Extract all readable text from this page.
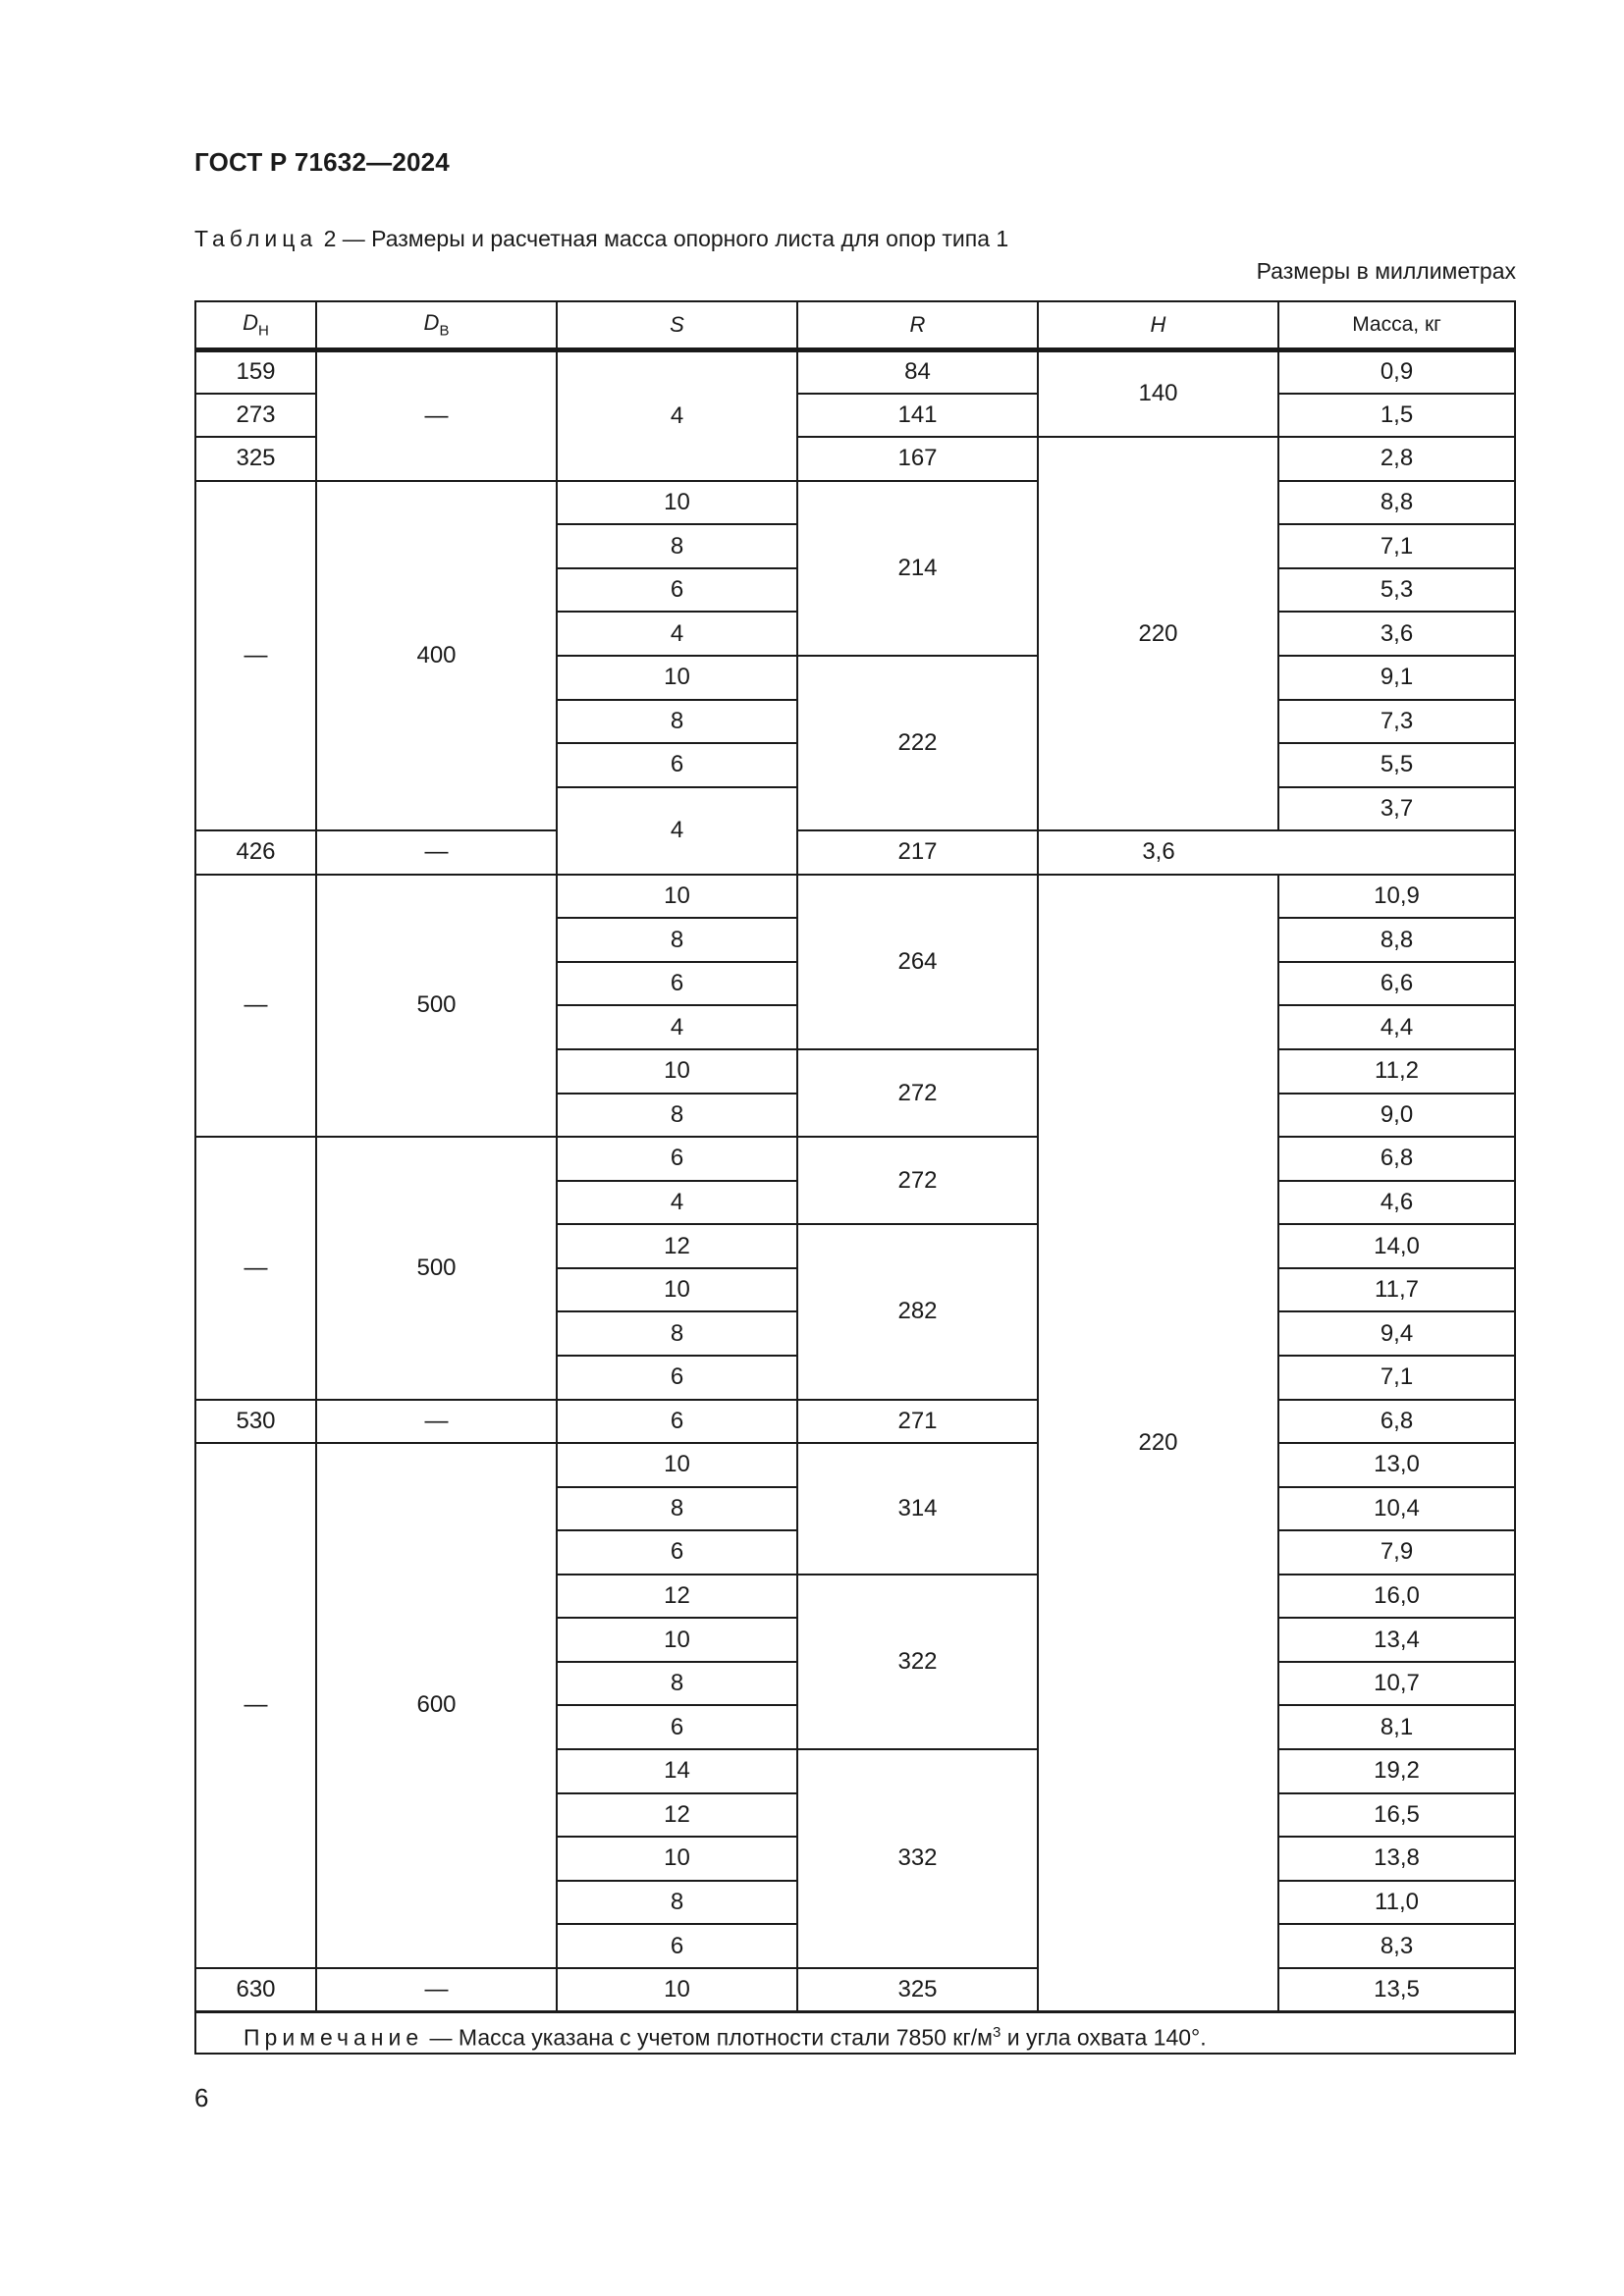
ГОСТ Р 71632—2024
Таблица 2 — Размеры и расчетная масса опорного листа для опор типа 1
Размеры в миллиметрах
$D_Н$	$D_В$	S	R	H	Масса, кг
159	—	4	84	140	0,9
273			141		1,5
325			167	220	2,8
—	400	10	214		8,8
		8			7,1
		6			5,3
		4			3,6
		10	222		9,1
		8			7,3
		6			5,5
		4			3,7
426	—		217	3,6	
—	500	10	264	220	10,9
		8			8,8
		6			6,6
		4			4,4
		10	272		11,2
		8			9,0
—	500	6	272		6,8
		4			4,6
		12	282		14,0
		10			11,7
		8			9,4
		6			7,1
530	—	6	271		6,8
—	600	10	314		13,0
		8			10,4
		6			7,9
		12	322		16,0
		10			13,4
		8			10,7
		6			8,1
		14	332		19,2
		12			16,5
		10			13,8
		8			11,0
		6			8,3
630	—	10	325		13,5
Примечание — Масса указана с учетом плотности стали 7850 $кг/м^3$ и угла охвата 140°.
6
